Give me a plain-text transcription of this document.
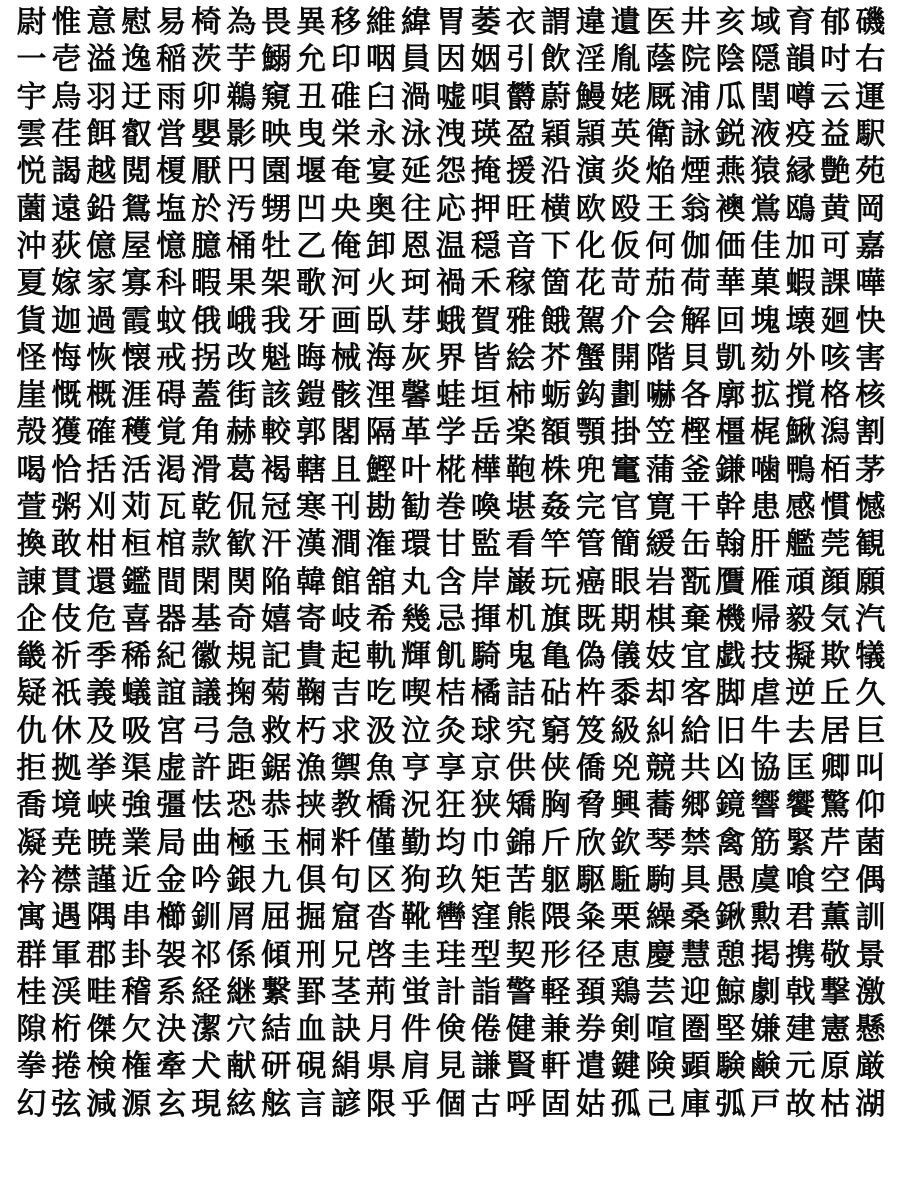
尉 惟 意 慰 易 椅 為 畏 異 移 維 緯 胃 萎 衣 謂 違 遺 医 井 亥 域 育 郁 磯
一 壱 溢 逸 稲 茨 芋 鰯 允 印 咽 員 因 姻 引 飲 淫 胤 蔭 院 陰 隠 韻 吋 右
宇 烏 羽 迂 雨 卯 鵜 窺 丑 碓 臼 渦 嘘 唄 欝 蔚 鰻 姥 厩 浦 瓜 閏 噂 云 運
雲 荏 餌 叡 営 嬰 影 映 曳 栄 永 泳 洩 瑛 盈 穎 頴 英 衛 詠 鋭 液 疫 益 駅
悦 謁 越 閲 榎 厭 円 園 堰 奄 宴 延 怨 掩 援 沿 演 炎 焔 煙 燕 猿 縁 艶 苑
薗 遠 鉛 鴛 塩 於 汚 甥 凹 央 奥 往 応 押 旺 横 欧 殴 王 翁 襖 鴬 鴎 黄 岡
沖 荻 億 屋 憶 臆 桶 牡 乙 俺 卸 恩 温 穏 音 下 化 仮 何 伽 価 佳 加 可 嘉
夏 嫁 家 寡 科 暇 果 架 歌 河 火 珂 禍 禾 稼 箇 花 苛 茄 荷 華 菓 蝦 課 嘩
貨 迦 過 霞 蚊 俄 峨 我 牙 画 臥 芽 蛾 賀 雅 餓 駕 介 会 解 回 塊 壊 廻 快
怪 悔 恢 懐 戒 拐 改 魁 晦 械 海 灰 界 皆 絵 芥 蟹 開 階 貝 凱 劾 外 咳 害
崖 慨 概 涯 碍 蓋 街 該 鎧 骸 浬 馨 蛙 垣 柿 蛎 鈎 劃 嚇 各 廓 拡 撹 格 核
殻 獲 確 穫 覚 角 赫 較 郭 閣 隔 革 学 岳 楽 額 顎 掛 笠 樫 橿 梶 鰍 潟 割
喝 恰 括 活 渇 滑 葛 褐 轄 且 鰹 叶 椛 樺 鞄 株 兜 竃 蒲 釜 鎌 噛 鴨 栢 茅
萱 粥 刈 苅 瓦 乾 侃 冠 寒 刊 勘 勧 巻 喚 堪 姦 完 官 寛 干 幹 患 感 慣 憾
換 敢 柑 桓 棺 款 歓 汗 漢 澗 潅 環 甘 監 看 竿 管 簡 緩 缶 翰 肝 艦 莞 観
諌 貫 還 鑑 間 閑 関 陥 韓 館 舘 丸 含 岸 巌 玩 癌 眼 岩 翫 贋 雁 頑 顔 願
企 伎 危 喜 器 基 奇 嬉 寄 岐 希 幾 忌 揮 机 旗 既 期 棋 棄 機 帰 毅 気 汽
畿 祈 季 稀 紀 徽 規 記 貴 起 軌 輝 飢 騎 鬼 亀 偽 儀 妓 宜 戯 技 擬 欺 犠
疑 祇 義 蟻 誼 議 掬 菊 鞠 吉 吃 喫 桔 橘 詰 砧 杵 黍 却 客 脚 虐 逆 丘 久
仇 休 及 吸 宮 弓 急 救 朽 求 汲 泣 灸 球 究 窮 笈 級 糾 給 旧 牛 去 居 巨
拒 拠 挙 渠 虚 許 距 鋸 漁 禦 魚 亨 享 京 供 侠 僑 兇 競 共 凶 協 匡 卿 叫
喬 境 峡 強 彊 怯 恐 恭 挟 教 橋 況 狂 狭 矯 胸 脅 興 蕎 郷 鏡 響 饗 驚 仰
凝 尭 暁 業 局 曲 極 玉 桐 粁 僅 勤 均 巾 錦 斤 欣 欽 琴 禁 禽 筋 緊 芹 菌
衿 襟 謹 近 金 吟 銀 九 倶 句 区 狗 玖 矩 苦 躯 駆 駈 駒 具 愚 虞 喰 空 偶
寓 遇 隅 串 櫛 釧 屑 屈 掘 窟 沓 靴 轡 窪 熊 隈 粂 栗 繰 桑 鍬 勲 君 薫 訓
群 軍 郡 卦 袈 祁 係 傾 刑 兄 啓 圭 珪 型 契 形 径 恵 慶 慧 憩 掲 携 敬 景
桂 渓 畦 稽 系 経 継 繋 罫 茎 荊 蛍 計 詣 警 軽 頚 鶏 芸 迎 鯨 劇 戟 撃 激
隙 桁 傑 欠 決 潔 穴 結 血 訣 月 件 倹 倦 健 兼 券 剣 喧 圏 堅 嫌 建 憲 懸
拳 捲 検 権 牽 犬 献 研 硯 絹 県 肩 見 謙 賢 軒 遣 鍵 険 顕 験 鹸 元 原 厳
幻 弦 減 源 玄 現 絃 舷 言 諺 限 乎 個 古 呼 固 姑 孤 己 庫 弧 戸 故 枯 湖
